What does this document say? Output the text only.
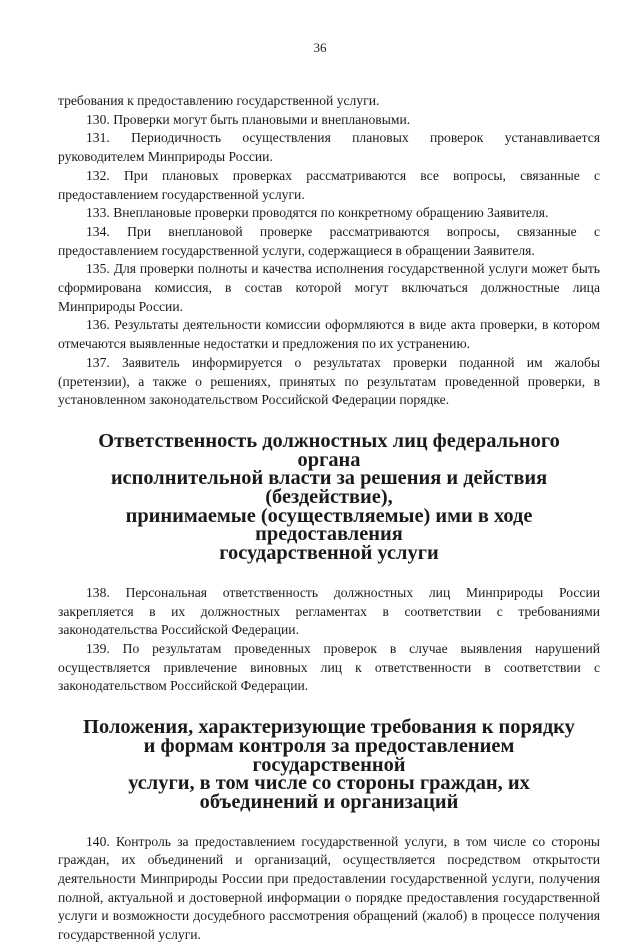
36

требования к предоставлению государственной услуги.

130. Проверки могут быть плановыми и внеплановыми.

131. Периодичность осуществления плановых проверок устанавливается руководителем Минприроды России.

132. При плановых проверках рассматриваются все вопросы, связанные с предоставлением государственной услуги.

133. Внеплановые проверки проводятся по конкретному обращению Заявителя.

134. При внеплановой проверке рассматриваются вопросы, связанные с предоставлением государственной услуги, содержащиеся в обращении Заявителя.

135. Для проверки полноты и качества исполнения государственной услуги может быть сформирована комиссия, в состав которой могут включаться должностные лица Минприроды России.

136. Результаты деятельности комиссии оформляются в виде акта проверки, в котором отмечаются выявленные недостатки и предложения по их устранению.

137. Заявитель информируется о результатах проверки поданной им жалобы (претензии), а также о решениях, принятых по результатам проведенной проверки, в установленном законодательством Российской Федерации порядке.

Ответственность должностных лиц федерального органа
исполнительной власти за решения и действия (бездействие),
принимаемые (осуществляемые) ими в ходе предоставления
государственной услуги

138. Персональная ответственность должностных лиц Минприроды России закрепляется в их должностных регламентах в соответствии с требованиями законодательства Российской Федерации.

139. По результатам проведенных проверок в случае выявления нарушений осуществляется привлечение виновных лиц к ответственности в соответствии с законодательством Российской Федерации.

Положения, характеризующие требования к порядку
и формам контроля за предоставлением государственной
услуги, в том числе со стороны граждан, их
объединений и организаций

140. Контроль за предоставлением государственной услуги, в том числе со стороны граждан, их объединений и организаций, осуществляется посредством открытости деятельности Минприроды России при предоставлении государственной услуги, получения полной, актуальной и достоверной информации о порядке предоставления государственной услуги и возможности досудебного рассмотрения обращений (жалоб) в процессе получения государственной услуги.
